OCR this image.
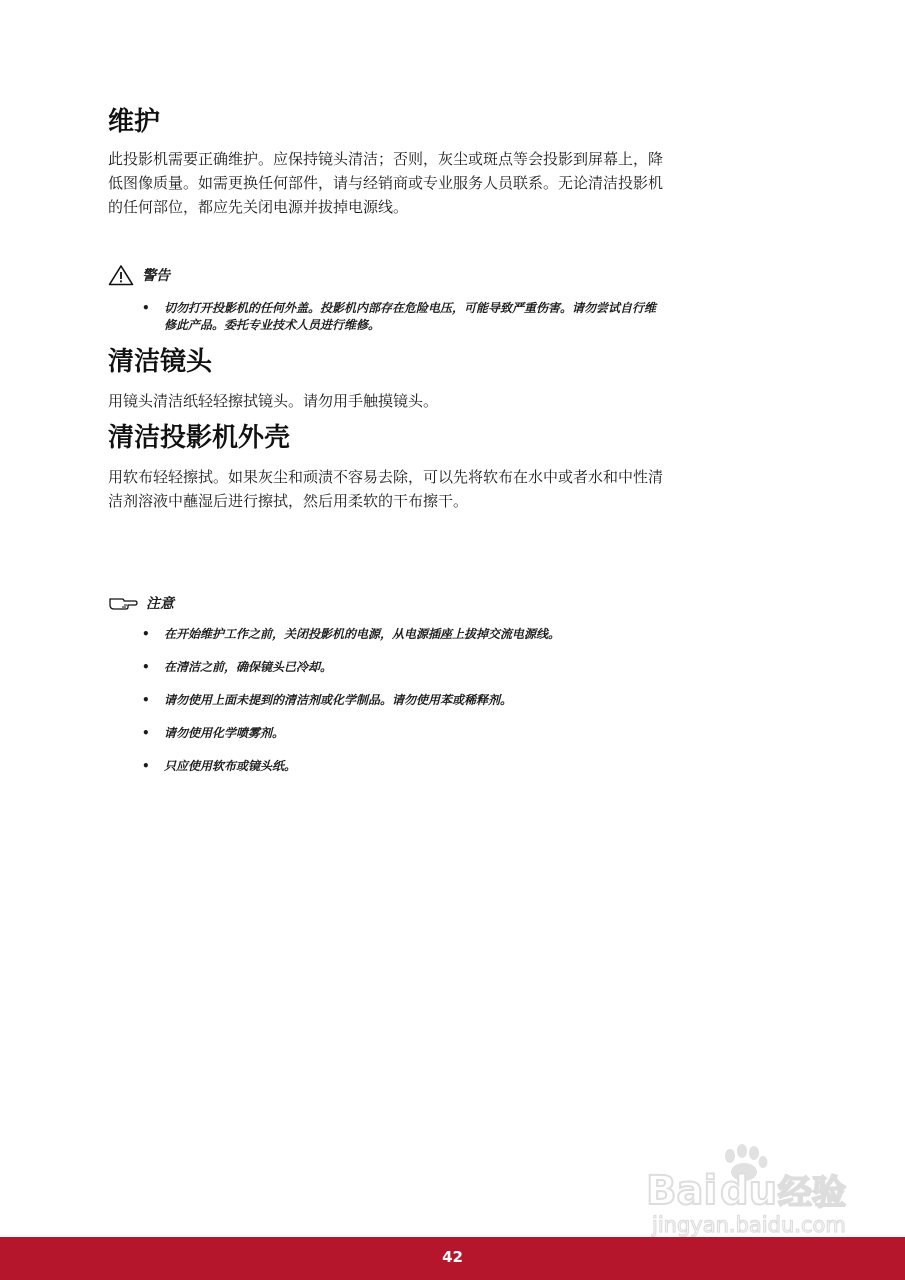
维护

此投影机需要正确维护。应保持镜头清洁；否则，灰尘或斑点等会投影到屏幕上，降
低图像质量。如需更换任何部件，请与经销商或专业服务人员联系。无论清洁投影机
的任何部位，都应先关闭电源并拔掉电源线。

警告
• 切勿打开投影机的任何外盖。投影机内部存在危险电压，可能导致严重伤害。请勿尝试自行维
修此产品。委托专业技术人员进行维修。
清洁镜头

用镜头清洁纸轻轻擦拭镜头。请勿用手触摸镜头。

清洁投影机外壳

用软布轻轻擦拭。如果灰尘和顽渍不容易去除，可以先将软布在水中或者水和中性清
洁剂溶液中蘸湿后进行擦拭，然后用柔软的干布擦干。

注意
• 在开始维护工作之前，关闭投影机的电源，从电源插座上拔掉交流电源线。
• 在清洁之前，确保镜头已冷却。
• 请勿使用上面未提到的清洁剂或化学制品。请勿使用苯或稀释剂。
• 请勿使用化学喷雾剂。
• 只应使用软布或镜头纸。
Bai du 经验
jingyan.baidu.com
42
